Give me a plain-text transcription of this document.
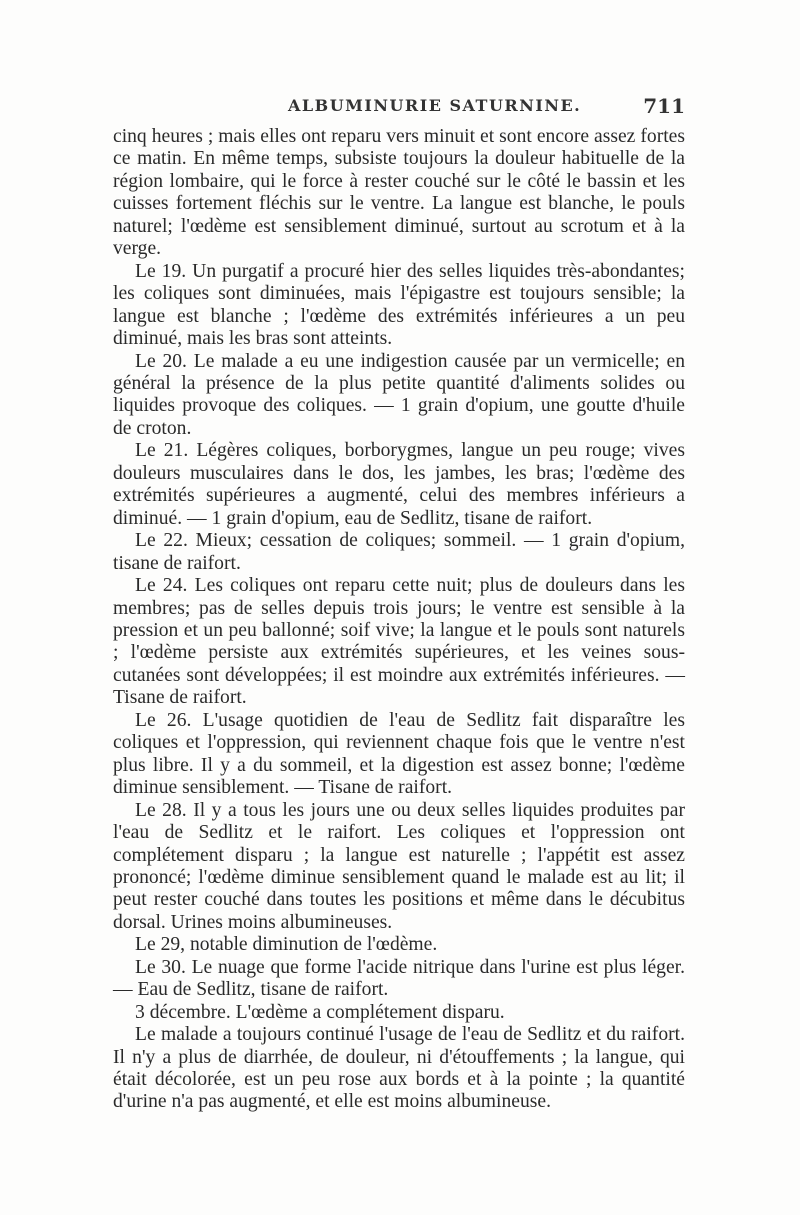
ALBUMINURIE SATURNINE.	711

cinq heures ; mais elles ont reparu vers minuit et sont encore assez fortes ce matin. En même temps, subsiste toujours la douleur habituelle de la région lombaire, qui le force à rester couché sur le côté le bassin et les cuisses fortement fléchis sur le ventre. La langue est blanche, le pouls naturel; l'œdème est sensiblement diminué, surtout au scrotum et à la verge.

Le 19. Un purgatif a procuré hier des selles liquides très-abondantes; les coliques sont diminuées, mais l'épigastre est toujours sensible; la langue est blanche ; l'œdème des extrémités inférieures a un peu diminué, mais les bras sont atteints.

Le 20. Le malade a eu une indigestion causée par un vermicelle; en général la présence de la plus petite quantité d'aliments solides ou liquides provoque des coliques. — 1 grain d'opium, une goutte d'huile de croton.

Le 21. Légères coliques, borborygmes, langue un peu rouge; vives douleurs musculaires dans le dos, les jambes, les bras; l'œdème des extrémités supérieures a augmenté, celui des membres inférieurs a diminué. — 1 grain d'opium, eau de Sedlitz, tisane de raifort.

Le 22. Mieux; cessation de coliques; sommeil. — 1 grain d'opium, tisane de raifort.

Le 24. Les coliques ont reparu cette nuit; plus de douleurs dans les membres; pas de selles depuis trois jours; le ventre est sensible à la pression et un peu ballonné; soif vive; la langue et le pouls sont naturels ; l'œdème persiste aux extrémités supérieures, et les veines sous-cutanées sont développées; il est moindre aux extrémités inférieures. — Tisane de raifort.

Le 26. L'usage quotidien de l'eau de Sedlitz fait disparaître les coliques et l'oppression, qui reviennent chaque fois que le ventre n'est plus libre. Il y a du sommeil, et la digestion est assez bonne; l'œdème diminue sensiblement. — Tisane de raifort.

Le 28. Il y a tous les jours une ou deux selles liquides produites par l'eau de Sedlitz et le raifort. Les coliques et l'oppression ont complétement disparu ; la langue est naturelle ; l'appétit est assez prononcé; l'œdème diminue sensiblement quand le malade est au lit; il peut rester couché dans toutes les positions et même dans le décubitus dorsal. Urines moins albumineuses.

Le 29, notable diminution de l'œdème.

Le 30. Le nuage que forme l'acide nitrique dans l'urine est plus léger. — Eau de Sedlitz, tisane de raifort.

3 décembre. L'œdème a complétement disparu.

Le malade a toujours continué l'usage de l'eau de Sedlitz et du raifort. Il n'y a plus de diarrhée, de douleur, ni d'étouffements ; la langue, qui était décolorée, est un peu rose aux bords et à la pointe ; la quantité d'urine n'a pas augmenté, et elle est moins albumineuse.
